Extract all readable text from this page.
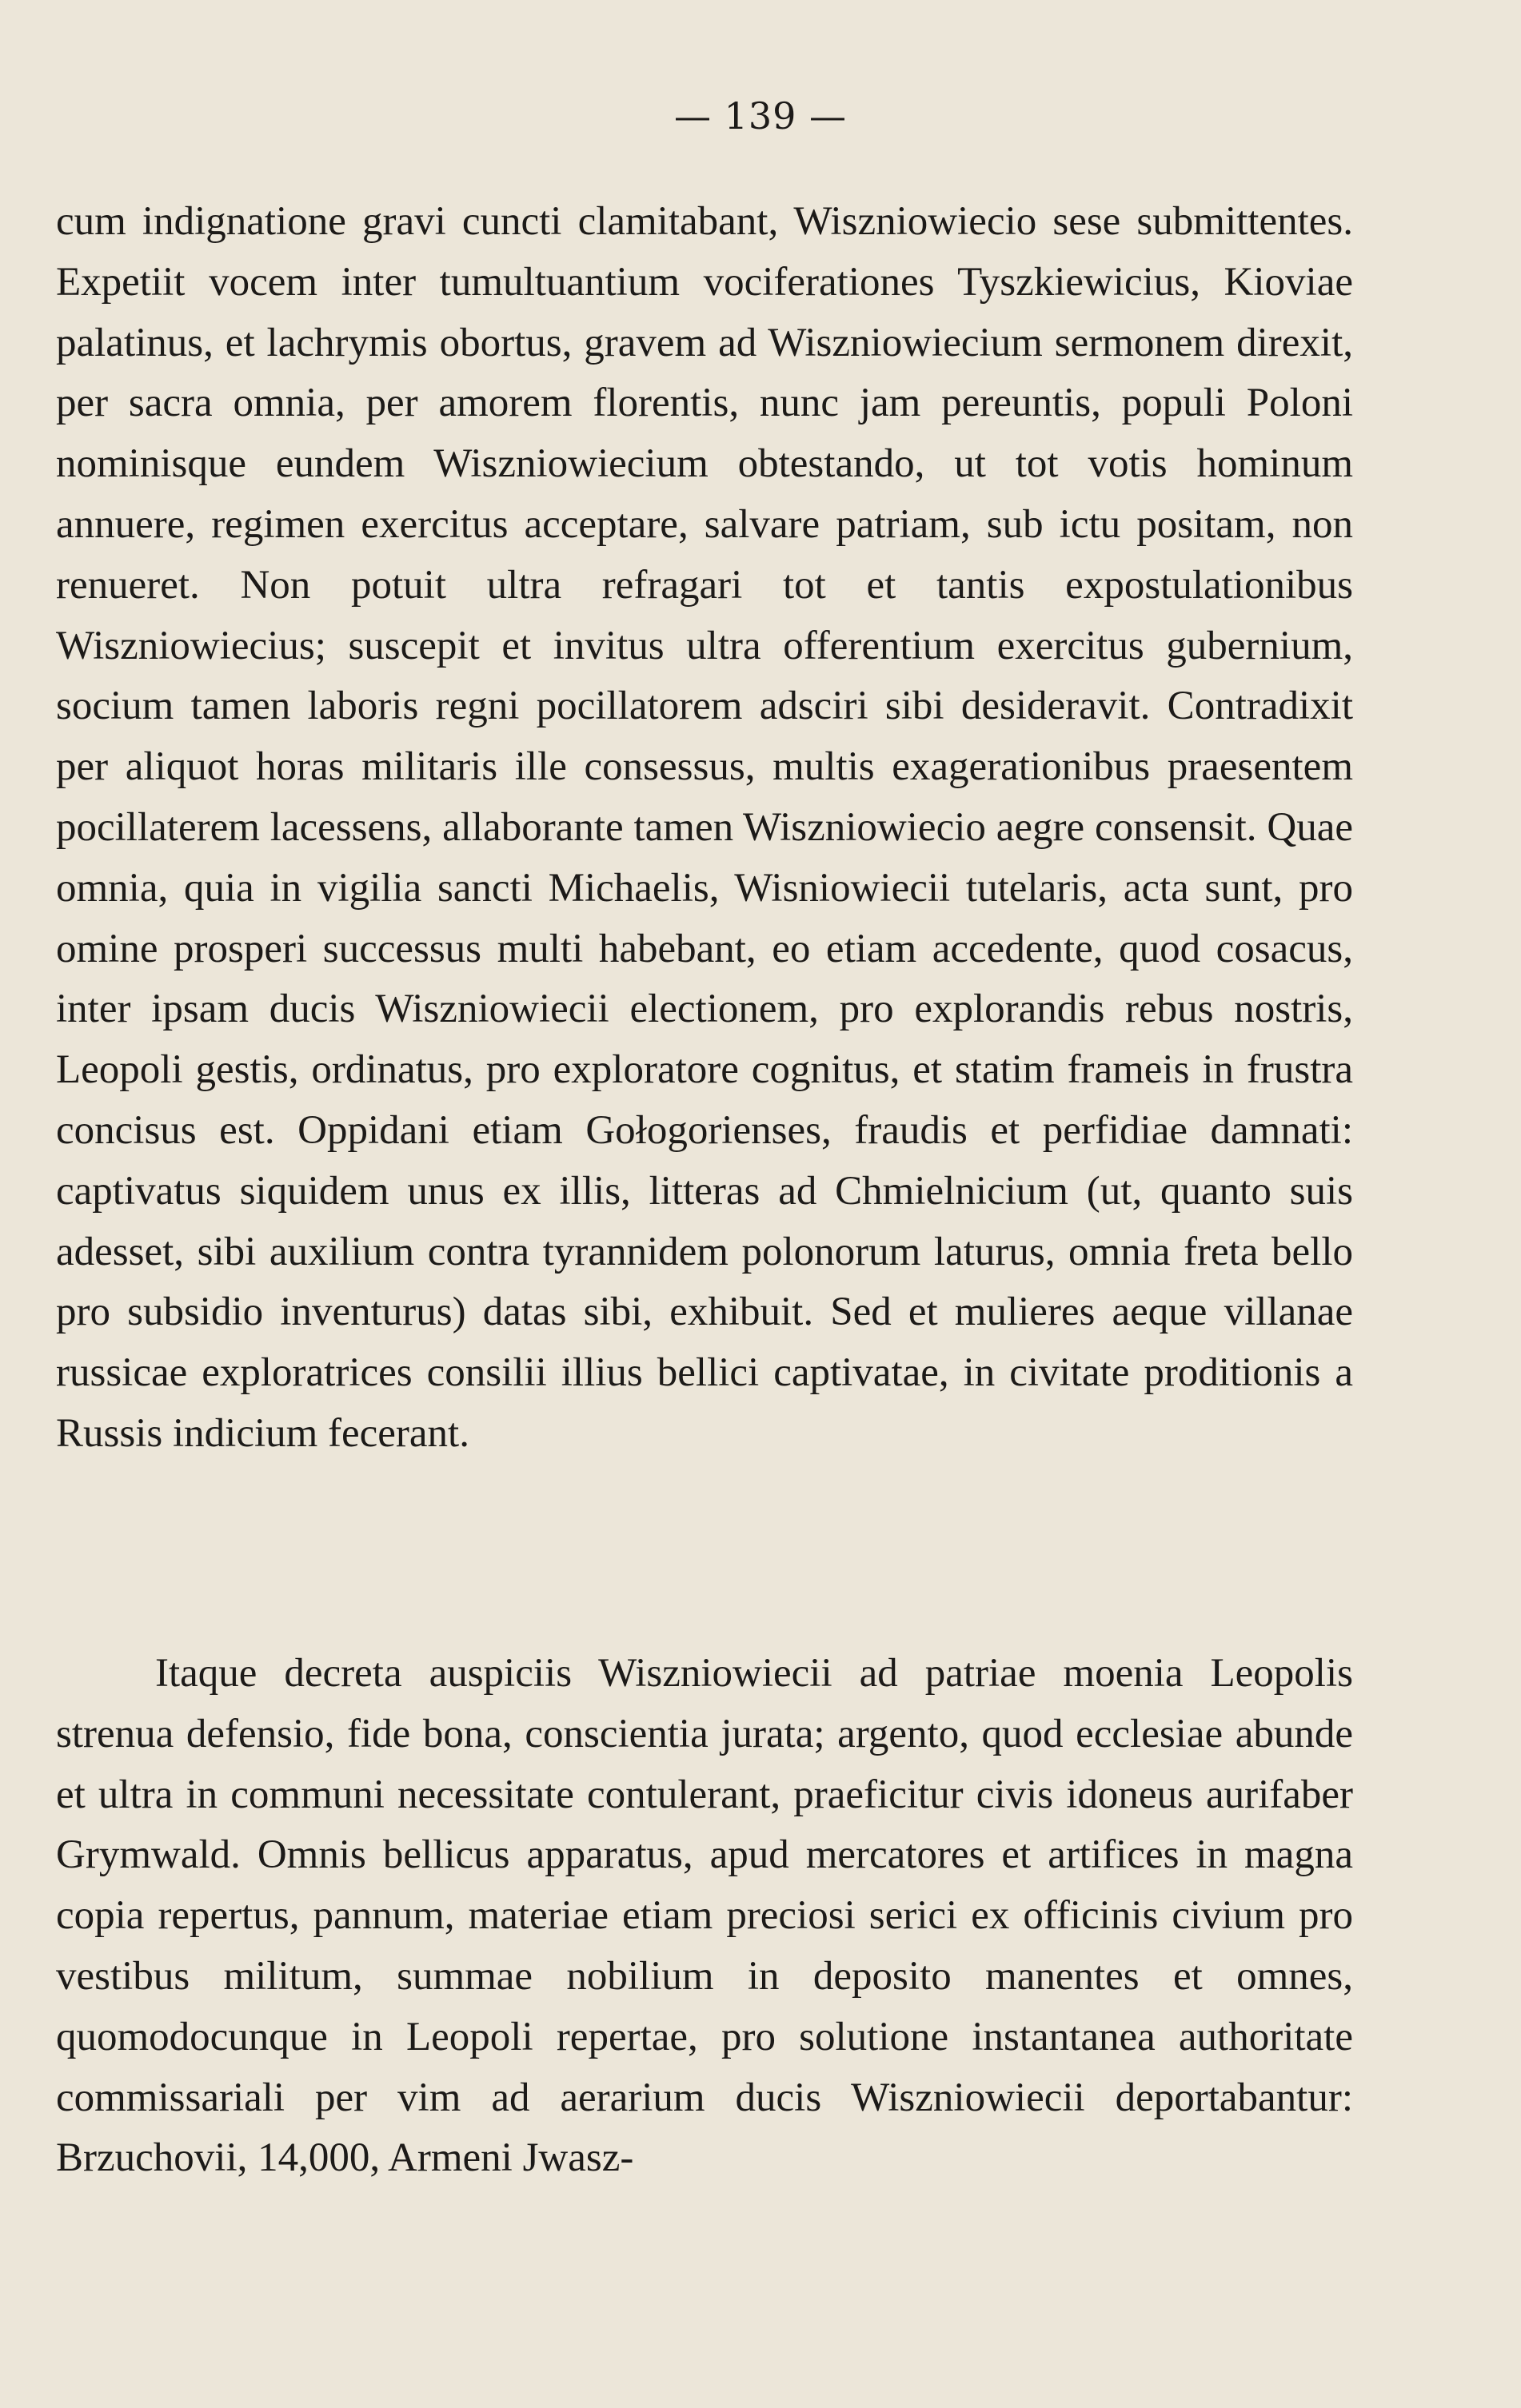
— 139 —

cum indignatione gravi cuncti clamitabant, Wiszniowiecio sese submittentes. Expetiit vocem inter tumultuantium vociferationes Tyszkiewicius, Kioviae palatinus, et lachrymis obortus, gravem ad Wiszniowiecium sermonem direxit, per sacra omnia, per amorem florentis, nunc jam pereuntis, populi Poloni nominisque eundem Wiszniowiecium obtestando, ut tot votis hominum annuere, regimen exercitus acceptare, salvare patriam, sub ictu positam, non renueret. Non potuit ultra refragari tot et tantis expostulationibus Wiszniowiecius; suscepit et invitus ultra offerentium exercitus gubernium, socium tamen laboris regni pocillatorem adsciri sibi desideravit. Contradixit per aliquot horas militaris ille consessus, multis exagerationibus praesentem pocillaterem lacessens, allaborante tamen Wiszniowiecio aegre consensit. Quae omnia, quia in vigilia sancti Michaelis, Wisniowiecii tutelaris, acta sunt, pro omine prosperi successus multi habebant, eo etiam accedente, quod cosacus, inter ipsam ducis Wiszniowiecii electionem, pro explorandis rebus nostris, Leopoli gestis, ordinatus, pro exploratore cognitus, et statim frameis in frustra concisus est. Oppidani etiam Gołogorienses, fraudis et perfidiae damnati: captivatus siquidem unus ex illis, litteras ad Chmielnicium (ut, quanto suis adesset, sibi auxilium contra tyrannidem polonorum laturus, omnia freta bello pro subsidio inventurus) datas sibi, exhibuit. Sed et mulieres aeque villanae russicae exploratrices consilii illius bellici captivatae, in civitate proditionis a Russis indicium fecerant.

Itaque decreta auspiciis Wiszniowiecii ad patriae moenia Leopolis strenua defensio, fide bona, conscientia jurata; argento, quod ecclesiae abunde et ultra in communi necessitate contulerant, praeficitur civis idoneus aurifaber Grymwald. Omnis bellicus apparatus, apud mercatores et artifices in magna copia repertus, pannum, materiae etiam preciosi serici ex officinis civium pro vestibus militum, summae nobilium in deposito manentes et omnes, quomodocunque in Leopoli repertae, pro solutione instantanea authoritate commissariali per vim ad aerarium ducis Wiszniowiecii deportabantur: Brzuchovii, 14,000, Armeni Jwasz-
